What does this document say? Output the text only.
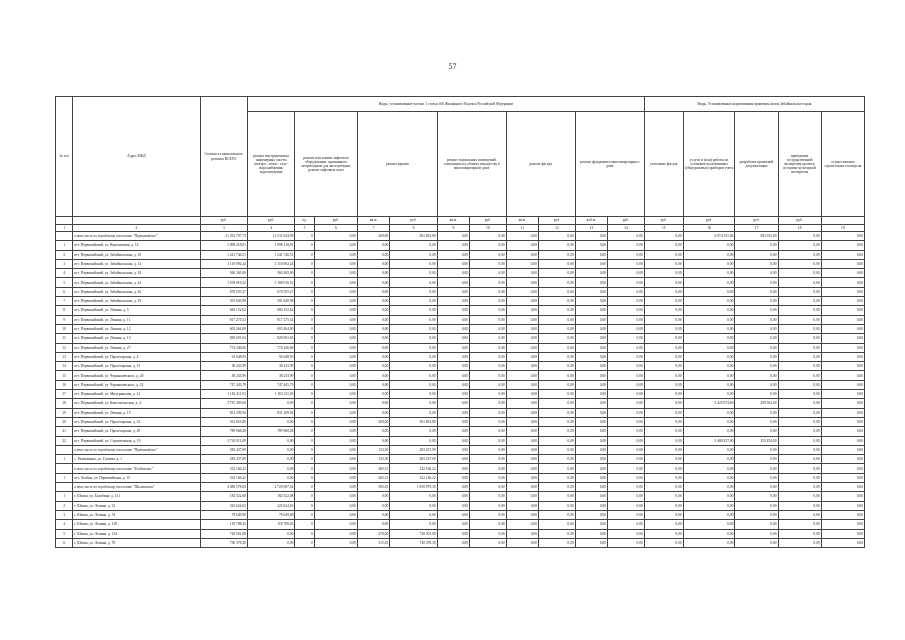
57
№ п/п	Адрес МКД	Стоимость капитального ремонта ВСЕГО	Виды, установленные частью 1 статьи 166 Жилищного Кодекса Российской Федерации											Виды, Установленные нормативным правовым актом Забайкальского края				
			ремонт внутридомовых инженерных систем электро-, тепло-, газо-, водоснабжения, водоотведения	ремонт или замена лифтового оборудования, признанного непригодным для эксплуатации, ремонт лифтовых шахт		ремонт крыши		ремонт подвальных помещений, относящихся к общему имуществу в многоквартирном доме		ремонт фасада		ремонт фундамента многоквартирного дома		утепление фасада	услуги и (или) работы по установке коллективных (общедомовых) приборов учета	разработка проектной документации	проведение государственной экспертизы проекта, историко-культурной экспертизы	осуществление строительного контроля
		руб.	руб.	ед.	руб.	кв.м.	руб.	кв.м.	руб.	кв.м.	руб.	куб.м.	руб.	руб.	руб.	руб.	руб.	
1	2	3	4	5	6	7	8	9	10	11	12	13	14	15	16	17	18	19
	в том числе по городскому поселению "Первомайское"	21 552 707,73	12 511 024,99	0	0,00	209,00	561 823,80	0,00	0,00	0,00	0,00	0,00	0,00	0,00	6 974 331,06	583 015,00	0,00	0,00
1	пгт. Первомайский, ул. Ворошилова, д. 14	1 098 218,81	1 098 218,81	0	0,00	0,00	0,00	0,00	0,00	0,00	0,00	0,00	0,00	0,00	0,00	0,00	0,00	0,00
2	пгт. Первомайский, ул. Забайкальская, д. 10	1 241 746,51	1 241 746,51	0	0,00	0,00	0,00	0,00	0,00	0,00	0,00	0,00	0,00	0,00	0,00	0,00	0,00	0,00
3	пгт. Первомайский, ул. Забайкальская, д. 14	1 110 092,24	1 110 092,24	0	0,00	0,00	0,00	0,00	0,00	0,00	0,00	0,00	0,00	0,00	0,00	0,00	0,00	0,00
4	пгт. Первомайский, ул. Забайкальская, д. 18	560 265,06	560 265,06	0	0,00	0,00	0,00	0,00	0,00	0,00	0,00	0,00	0,00	0,00	0,00	0,00	0,00	0,00
5	пгт. Первомайский, ул. Забайкальская, д. 24	1 108 016,52	1 108 016,52	0	0,00	0,00	0,00	0,00	0,00	0,00	0,00	0,00	0,00	0,00	0,00	0,00	0,00	0,00
6	пгт. Первомайский, ул. Забайкальская, д. 26	670 555,27	670 555,27	0	0,00	0,00	0,00	0,00	0,00	0,00	0,00	0,00	0,00	0,00	0,00	0,00	0,00	0,00
7	пгт. Первомайский, ул. Забайкальская, д. 29	391 620,98	391 620,98	0	0,00	0,00	0,00	0,00	0,00	0,00	0,00	0,00	0,00	0,00	0,00	0,00	0,00	0,00
8	пгт. Первомайский, ул. Ленина, д. 5	684 152,62	684 152,62	0	0,00	0,00	0,00	0,00	0,00	0,00	0,00	0,00	0,00	0,00	0,00	0,00	0,00	0,00
9	пгт. Первомайский, ул. Ленина, д. 11	817 275,52	817 275,52	0	0,00	0,00	0,00	0,00	0,00	0,00	0,00	0,00	0,00	0,00	0,00	0,00	0,00	0,00
10	пгт. Первомайский, ул. Ленина, д. 12	603 264,00	603 264,00	0	0,00	0,00	0,00	0,00	0,00	0,00	0,00	0,00	0,00	0,00	0,00	0,00	0,00	0,00
11	пгт. Первомайский, ул. Ленина, д. 13	829 691,63	829 691,63	0	0,00	0,00	0,00	0,00	0,00	0,00	0,00	0,00	0,00	0,00	0,00	0,00	0,00	0,00
12	пгт. Первомайский, ул. Ленина, д. 27	774 346,06	774 346,06	0	0,00	0,00	0,00	0,00	0,00	0,00	0,00	0,00	0,00	0,00	0,00	0,00	0,00	0,00
13	пгт. Первомайский, ул. Пролетарская, д. 4	92 648,93	92 648,93	0	0,00	0,00	0,00	0,00	0,00	0,00	0,00	0,00	0,00	0,00	0,00	0,00	0,00	0,00
14	пгт. Первомайский, ул. Пролетарская, д. 31	38 233,99	38 233,99	0	0,00	0,00	0,00	0,00	0,00	0,00	0,00	0,00	0,00	0,00	0,00	0,00	0,00	0,00
15	пгт. Первомайский, ул. Чернышевского, д. 20	38 233,99	38 233,99	0	0,00	0,00	0,00	0,00	0,00	0,00	0,00	0,00	0,00	0,00	0,00	0,00	0,00	0,00
16	пгт. Первомайский, ул. Чернышевского, д. 22	747 445,79	747 445,79	0	0,00	0,00	0,00	0,00	0,00	0,00	0,00	0,00	0,00	0,00	0,00	0,00	0,00	0,00
17	пгт. Первомайский, ул. Мичуринская, д. 12	1 163 311,03	1 163 311,03	0	0,00	0,00	0,00	0,00	0,00	0,00	0,00	0,00	0,00	0,00	0,00	0,00	0,00	0,00
18	пгт. Первомайский, ул. Комсомольская, д. 4	3 735 495,60	0,00	0	0,00	0,00	0,00	0,00	0,00	0,00	0,00	0,00	0,00	0,00	3 425 874,60	299 363,00	0,00	0,00
19	пгт. Первомайский, ул. Ленина, д. 15	831 209,94	831 209,94	0	0,00	0,00	0,00	0,00	0,00	0,00	0,00	0,00	0,00	0,00	0,00	0,00	0,00	0,00
20	пгт. Первомайский, ул. Пролетарская, д. 32	561 823,80	0,00	0	0,00	209,00	561 823,80	0,00	0,00	0,00	0,00	0,00	0,00	0,00	0,00	0,00	0,00	0,00
21	пгт. Первомайский, ул. Пролетарская, д. 29	789 968,48	789 968,48	0	0,00	0,00	0,00	0,00	0,00	0,00	0,00	0,00	0,00	0,00	0,00	0,00	0,00	0,00
22	пгт. Первомайский, ул. Строительная, д. 10	3 743 911,00	0,00	0	0,00	0,00	0,00	0,00	0,00	0,00	0,00	0,00	0,00	0,00	3 488 457,00	255 454,00	0,00	0,00
	в том числе по городскому поселению "Первомайское"	283 437,09	0,00	0	0,00	133,30	283 437,09	0,00	0,00	0,00	0,00	0,00	0,00	0,00	0,00	0,00	0,00	0,00
1	с. Размахнино, ул. Гуляева, д. 1	283 437,09	0,00	0	0,00	133,30	283 437,09	0,00	0,00	0,00	0,00	0,00	0,00	0,00	0,00	0,00	0,00	0,00
	в том числе по городскому поселению "Холбонское"	332 166,22	0,00	0	0,00	465,31	332 166,22	0,00	0,00	0,00	0,00	0,00	0,00	0,00	0,00	0,00	0,00	0,00
1	пгт. Холбон, ул. Первомайская, д. 15	332 166,22	0,00	0	0,00	465,31	332 166,22	0,00	0,00	0,00	0,00	0,00	0,00	0,00	0,00	0,00	0,00	0,00
	в том числе по городскому поселению "Шилкинское"	4 388 578,84	2 729 697,54	0	0,00	585,61	1 658 879,30	0,00	0,00	0,00	0,00	0,00	0,00	0,00	0,00	0,00	0,00	0,00
1	г. Шилка, ул. Балябина, д. 131	182 522,08	182 522,08	0	0,00	0,00	0,00	0,00	0,00	0,00	0,00	0,00	0,00	0,00	0,00	0,00	0,00	0,00
2	г. Шилка, ул. Ленина, д. 32	325 624,63	325 624,63	0	0,00	0,00	0,00	0,00	0,00	0,00	0,00	0,00	0,00	0,00	0,00	0,00	0,00	0,00
3	г. Шилка, ул. Ленина, д. 54	78 649,08	78 649,08	0	0,00	0,00	0,00	0,00	0,00	0,00	0,00	0,00	0,00	0,00	0,00	0,00	0,00	0,00
4	г. Шилка, ул. Ленина, д. 118	118 788,43	118 788,43	0	0,00	0,00	0,00	0,00	0,00	0,00	0,00	0,00	0,00	0,00	0,00	0,00	0,00	0,00
5	г. Шилка, ул. Ленина, д. 124	728 501,00	0,00	0	0,00	270,00	728 501,00	0,00	0,00	0,00	0,00	0,00	0,00	0,00	0,00	0,00	0,00	0,00
6	г. Шилка, ул. Ленина, д. 78	730 378,30	0,00	0	0,00	315,61	730 378,30	0,00	0,00	0,00	0,00	0,00	0,00	0,00	0,00	0,00	0,00	0,00
